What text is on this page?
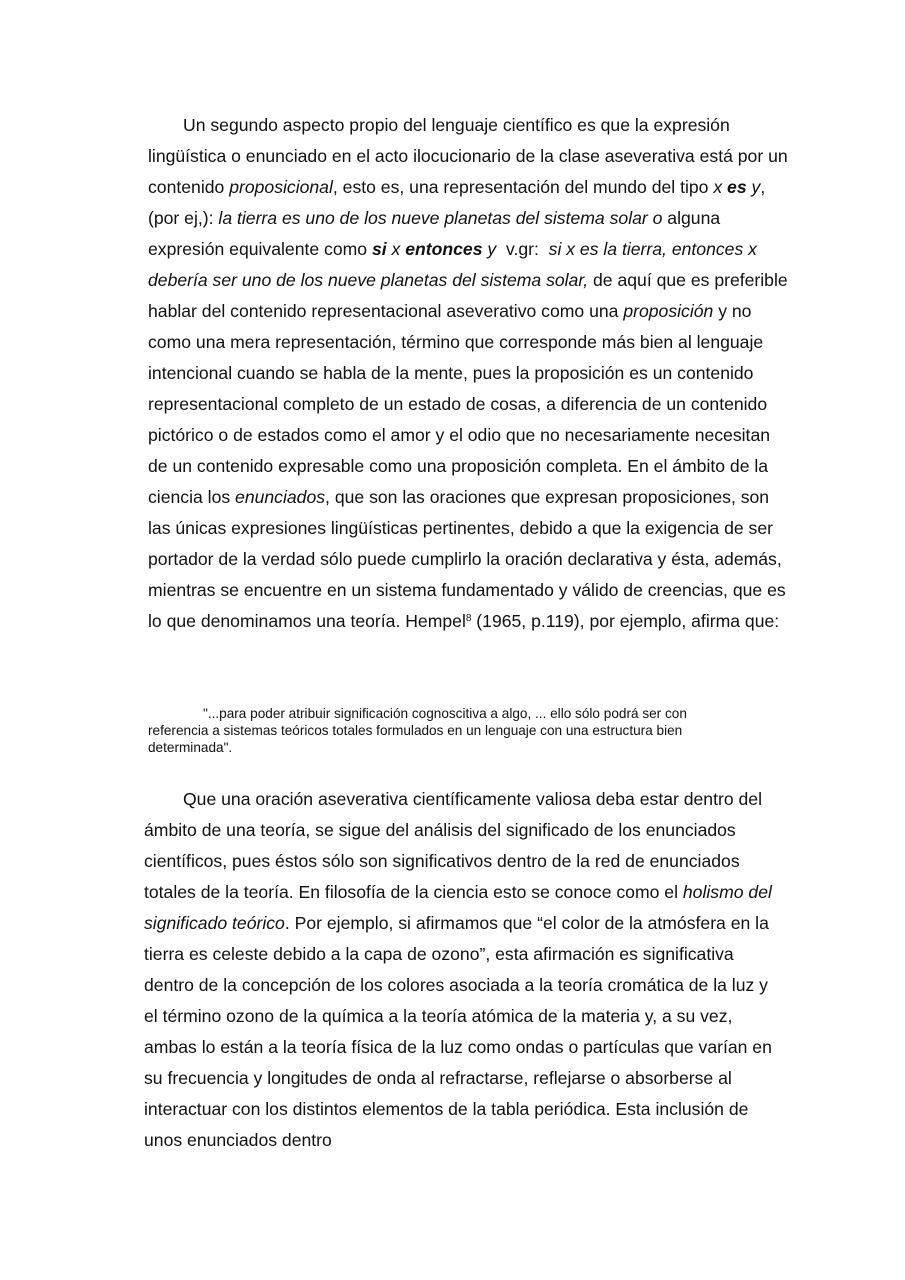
Un segundo aspecto propio del lenguaje científico es que la expresión lingüística o enunciado en el acto ilocucionario de la clase aseverativa está por un contenido proposicional, esto es, una representación del mundo del tipo x es y, (por ej,): la tierra es uno de los nueve planetas del sistema solar o alguna expresión equivalente como si x entonces y  v.gr:  si x es la tierra, entonces x debería ser uno de los nueve planetas del sistema solar, de aquí que es preferible hablar del contenido representacional aseverativo como una proposición y no como una mera representación, término que corresponde más bien al lenguaje intencional cuando se habla de la mente, pues la proposición es un contenido representacional completo de un estado de cosas, a diferencia de un contenido pictórico o de estados como el amor y el odio que no necesariamente necesitan de un contenido expresable como una proposición completa. En el ámbito de la ciencia los enunciados, que son las oraciones que expresan proposiciones, son las únicas expresiones lingüísticas pertinentes, debido a que la exigencia de ser portador de la verdad sólo puede cumplirlo la oración declarativa y ésta, además, mientras se encuentre en un sistema fundamentado y válido de creencias, que es lo que denominamos una teoría. Hempel$^8$ (1965, p.119), por ejemplo, afirma que:

"...para poder atribuir significación cognoscitiva a algo, ... ello sólo podrá ser con referencia a sistemas teóricos totales formulados en un lenguaje con una estructura bien determinada".

Que una oración aseverativa científicamente valiosa deba estar dentro del ámbito de una teoría, se sigue del análisis del significado de los enunciados científicos, pues éstos sólo son significativos dentro de la red de enunciados totales de la teoría. En filosofía de la ciencia esto se conoce como el holismo del significado teórico. Por ejemplo, si afirmamos que “el color de la atmósfera en la tierra es celeste debido a la capa de ozono”, esta afirmación es significativa dentro de la concepción de los colores asociada a la teoría cromática de la luz y el término ozono de la química a la teoría atómica de la materia y, a su vez, ambas lo están a la teoría física de la luz como ondas o partículas que varían en su frecuencia y longitudes de onda al refractarse, reflejarse o absorberse al interactuar con los distintos elementos de la tabla periódica. Esta inclusión de unos enunciados dentro
